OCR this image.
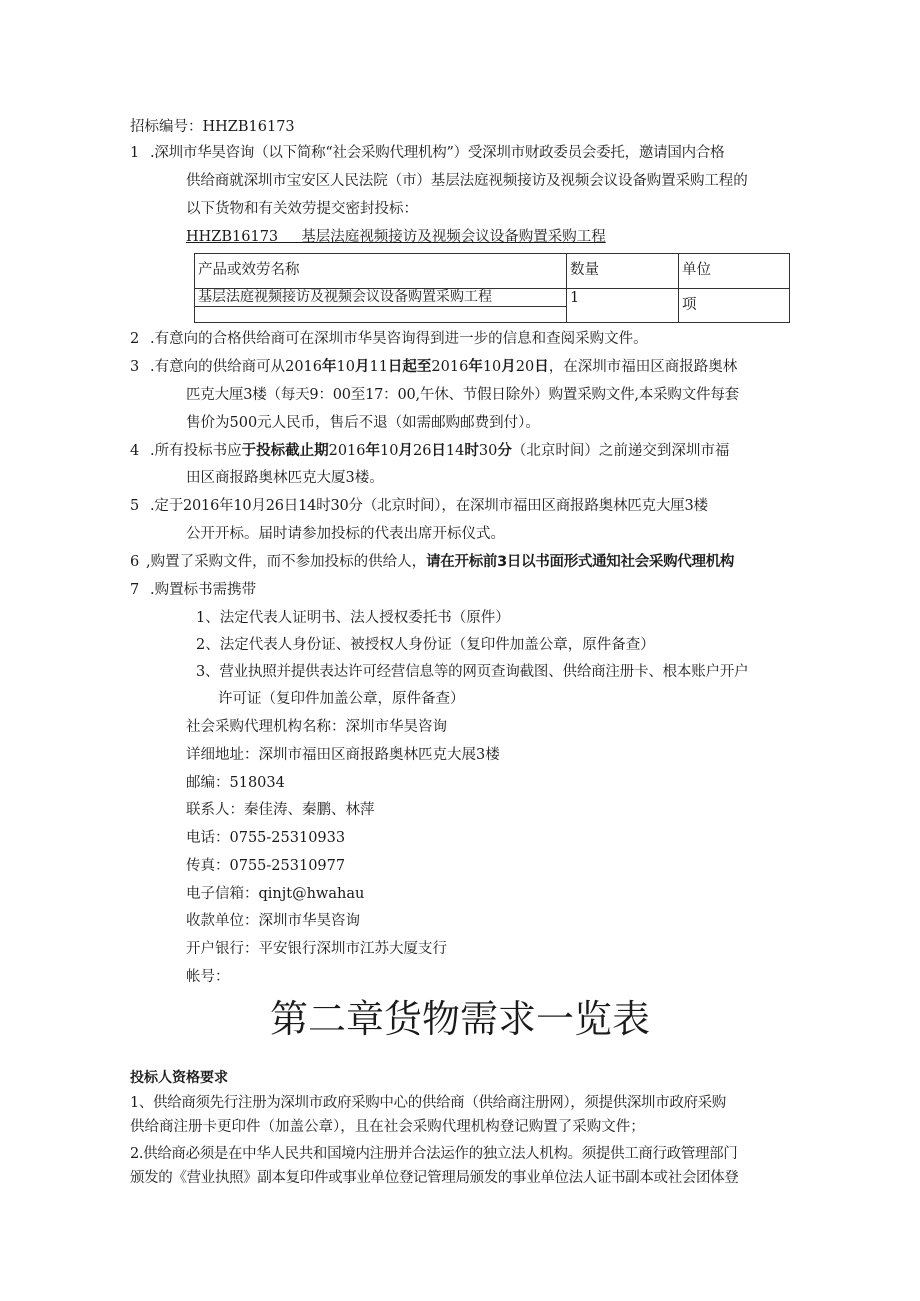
招标编号：HHZB16173
1 .深圳市华昊咨询（以下简称“社会采购代理机构”）受深圳市财政委员会委托，邀请国内合格
供给商就深圳市宝安区人民法院（市）基层法庭视频接访及视频会议设备购置采购工程的
以下货物和有关效劳提交密封投标：
HHZB16173     基层法庭视频接访及视频会议设备购置采购工程
产品或效劳名称	数量	单位
基层法庭视频接访及视频会议设备购置采购工程	1	项
2 .有意向的合格供给商可在深圳市华昊咨询得到进一步的信息和查阅采购文件。
3 .有意向的供给商可从2016年10月11日起至2016年10月20日，在深圳市福田区商报路奥林
匹克大厘3楼（每天9：00至17：00,午休、节假日除外）购置采购文件,本采购文件每套
售价为500元人民币，售后不退（如需邮购邮费到付）。
4 .所有投标书应于投标截止期2016年10月26日14时30分（北京时间）之前递交到深圳市福
田区商报路奥林匹克大厦3楼。
5 .定于2016年10月26日14时30分（北京时间），在深圳市福田区商报路奥林匹克大厘3楼
公开开标。届时请参加投标的代表出席开标仪式。
6 ,购置了采购文件，而不参加投标的供给人，请在开标前3日以书面形式通知社会采购代理机构
7 .购置标书需携带
1、法定代表人证明书、法人授权委托书（原件）
2、法定代表人身份证、被授权人身份证（复印件加盖公章，原件备查）
3、营业执照并提供表达许可经营信息等的网页查询截图、供给商注册卡、根本账户开户
许可证（复印件加盖公章，原件备查）
社会采购代理机构名称：深圳市华昊咨询
详细地址：深圳市福田区商报路奥林匹克大展3楼
邮编：518034
联系人：秦佳涛、秦鹏、林萍
电话：0755-25310933
传真：0755-25310977
电子信箱：qinjt@hwahau
收款单位：深圳市华昊咨询
开户银行：平安银行深圳市江苏大厦支行
帐号：
第二章货物需求一览表
投标人资格要求
1、供给商须先行注册为深圳市政府采购中心的供给商（供给商注册网），须提供深圳市政府采购
供给商注册卡更印件（加盖公章），且在社会采购代理机构登记购置了采购文件；
2.供给商必须是在中华人民共和国境内注册并合法运作的独立法人机构。须提供工商行政管理部门
颁发的《营业执照》副本复印件或事业单位登记管理局颁发的事业单位法人证书副本或社会团体登
